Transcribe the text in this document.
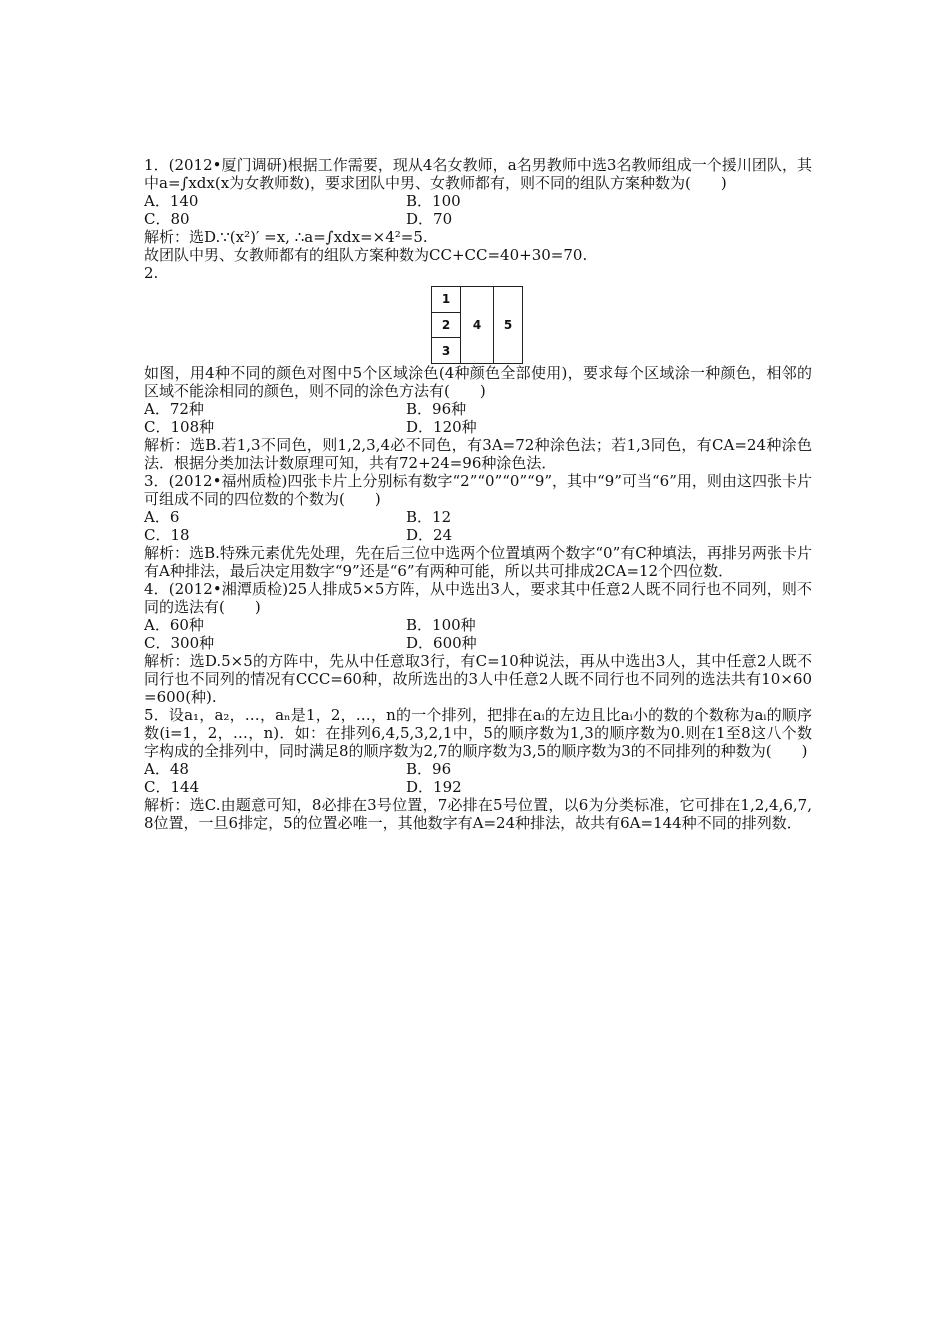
1．(2012•厦门调研)根据工作需要，现从4名女教师，a名男教师中选3名教师组成一个援川团队，其中a=∫xdx(x为女教师数)，要求团队中男、女教师都有，则不同的组队方案种数为(　　)

A．140	B．100
C．80	D．70

解析：选D.∵(x²)′ =x, ∴a=∫xdx=×4²=5.

故团队中男、女教师都有的组队方案种数为CC+CC=40+30=70.

2.

1
2
3
4	5

如图，用4种不同的颜色对图中5个区域涂色(4种颜色全部使用)，要求每个区域涂一种颜色，相邻的区域不能涂相同的颜色，则不同的涂色方法有(　　)

A．72种	B．96种
C．108种	D．120种

解析：选B.若1,3不同色，则1,2,3,4必不同色，有3A=72种涂色法；若1,3同色，有CA=24种涂色法．根据分类加法计数原理可知，共有72+24=96种涂色法．

3．(2012•福州质检)四张卡片上分别标有数字“2”“0”“0”“9”，其中“9”可当“6”用，则由这四张卡片可组成不同的四位数的个数为(　　)

A．6	B．12
C．18	D．24

解析：选B.特殊元素优先处理，先在后三位中选两个位置填两个数字“0”有C种填法，再排另两张卡片有A种排法，最后决定用数字“9”还是“6”有两种可能，所以共可排成2CA=12个四位数．

4．(2012•湘潭质检)25人排成5×5方阵，从中选出3人，要求其中任意2人既不同行也不同列，则不同的选法有(　　)

A．60种	B．100种
C．300种	D．600种

解析：选D.5×5的方阵中，先从中任意取3行，有C=10种说法，再从中选出3人，其中任意2人既不同行也不同列的情况有CCC=60种，故所选出的3人中任意2人既不同行也不同列的选法共有10×60=600(种).

5．设a₁，a₂，…，aₙ是1，2，…，n的一个排列，把排在aᵢ的左边且比aᵢ小的数的个数称为aᵢ的顺序数(i=1，2，…，n)．如：在排列6,4,5,3,2,1中，5的顺序数为1,3的顺序数为0.则在1至8这八个数字构成的全排列中，同时满足8的顺序数为2,7的顺序数为3,5的顺序数为3的不同排列的种数为(　　)

A．48	B．96
C．144	D．192

解析：选C.由题意可知，8必排在3号位置，7必排在5号位置，以6为分类标准，它可排在1,2,4,6,7,8位置，一旦6排定，5的位置必唯一，其他数字有A=24种排法，故共有6A=144种不同的排列数．
